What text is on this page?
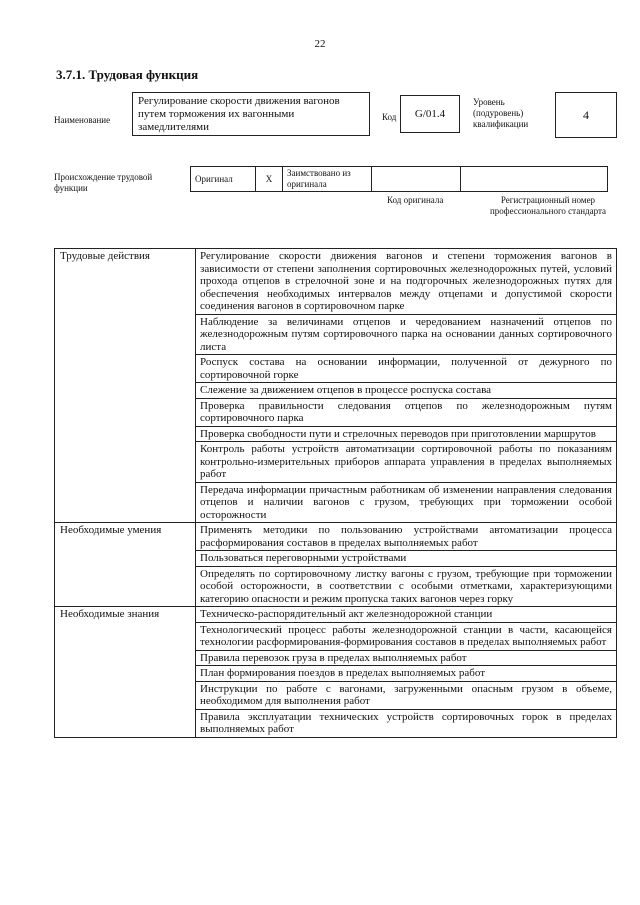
22
3.7.1. Трудовая функция
Наименование
Регулирование скорости движения вагонов путем торможения их вагонными замедлителями
Код	G/01.4
Уровень (подуровень) квалификации
4
Происхождение трудовой функции
Оригинал	X	Заимствовано из оригинала		
Код оригинала	Регистрационный номер профессионального стандарта
Трудовые действия	Регулирование скорости движения вагонов и степени торможения вагонов в зависимости от степени заполнения сортировочных железнодорожных путей, условий прохода отцепов в стрелочной зоне и на подгорочных железнодорожных путях для обеспечения необходимых интервалов между отцепами и допустимой скорости соединения вагонов в сортировочном парке
	Наблюдение за величинами отцепов и чередованием назначений отцепов по железнодорожным путям сортировочного парка на основании данных сортировочного листа
	Роспуск состава на основании информации, полученной от дежурного по сортировочной горке
	Слежение за движением отцепов в процессе роспуска состава
	Проверка правильности следования отцепов по железнодорожным путям сортировочного парка
	Проверка свободности пути и стрелочных переводов при приготовлении маршрутов
	Контроль работы устройств автоматизации сортировочной работы по показаниям контрольно-измерительных приборов аппарата управления в пределах выполняемых работ
	Передача информации причастным работникам об изменении направления следования отцепов и наличии вагонов с грузом, требующих при торможении особой осторожности
Необходимые умения	Применять методики по пользованию устройствами автоматизации процесса расформирования составов в пределах выполняемых работ
	Пользоваться переговорными устройствами
	Определять по сортировочному листку вагоны с грузом, требующие при торможении особой осторожности, в соответствии с особыми отметками, характеризующими категорию опасности и режим пропуска таких вагонов через горку
Необходимые знания	Техническо-распорядительный акт железнодорожной станции
	Технологический процесс работы железнодорожной станции в части, касающейся технологии расформирования-формирования составов в пределах выполняемых работ
	Правила перевозок груза в пределах выполняемых работ
	План формирования поездов в пределах выполняемых работ
	Инструкции по работе с вагонами, загруженными опасным грузом в объеме, необходимом для выполнения работ
	Правила эксплуатации технических устройств сортировочных горок в пределах выполняемых работ
